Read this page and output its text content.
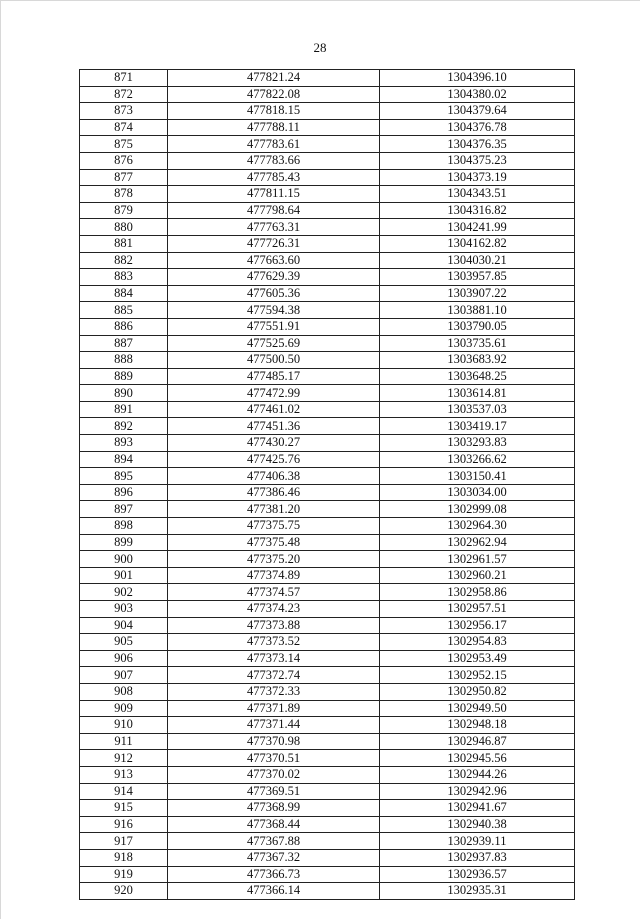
28
871	477821.24	1304396.10
872	477822.08	1304380.02
873	477818.15	1304379.64
874	477788.11	1304376.78
875	477783.61	1304376.35
876	477783.66	1304375.23
877	477785.43	1304373.19
878	477811.15	1304343.51
879	477798.64	1304316.82
880	477763.31	1304241.99
881	477726.31	1304162.82
882	477663.60	1304030.21
883	477629.39	1303957.85
884	477605.36	1303907.22
885	477594.38	1303881.10
886	477551.91	1303790.05
887	477525.69	1303735.61
888	477500.50	1303683.92
889	477485.17	1303648.25
890	477472.99	1303614.81
891	477461.02	1303537.03
892	477451.36	1303419.17
893	477430.27	1303293.83
894	477425.76	1303266.62
895	477406.38	1303150.41
896	477386.46	1303034.00
897	477381.20	1302999.08
898	477375.75	1302964.30
899	477375.48	1302962.94
900	477375.20	1302961.57
901	477374.89	1302960.21
902	477374.57	1302958.86
903	477374.23	1302957.51
904	477373.88	1302956.17
905	477373.52	1302954.83
906	477373.14	1302953.49
907	477372.74	1302952.15
908	477372.33	1302950.82
909	477371.89	1302949.50
910	477371.44	1302948.18
911	477370.98	1302946.87
912	477370.51	1302945.56
913	477370.02	1302944.26
914	477369.51	1302942.96
915	477368.99	1302941.67
916	477368.44	1302940.38
917	477367.88	1302939.11
918	477367.32	1302937.83
919	477366.73	1302936.57
920	477366.14	1302935.31
